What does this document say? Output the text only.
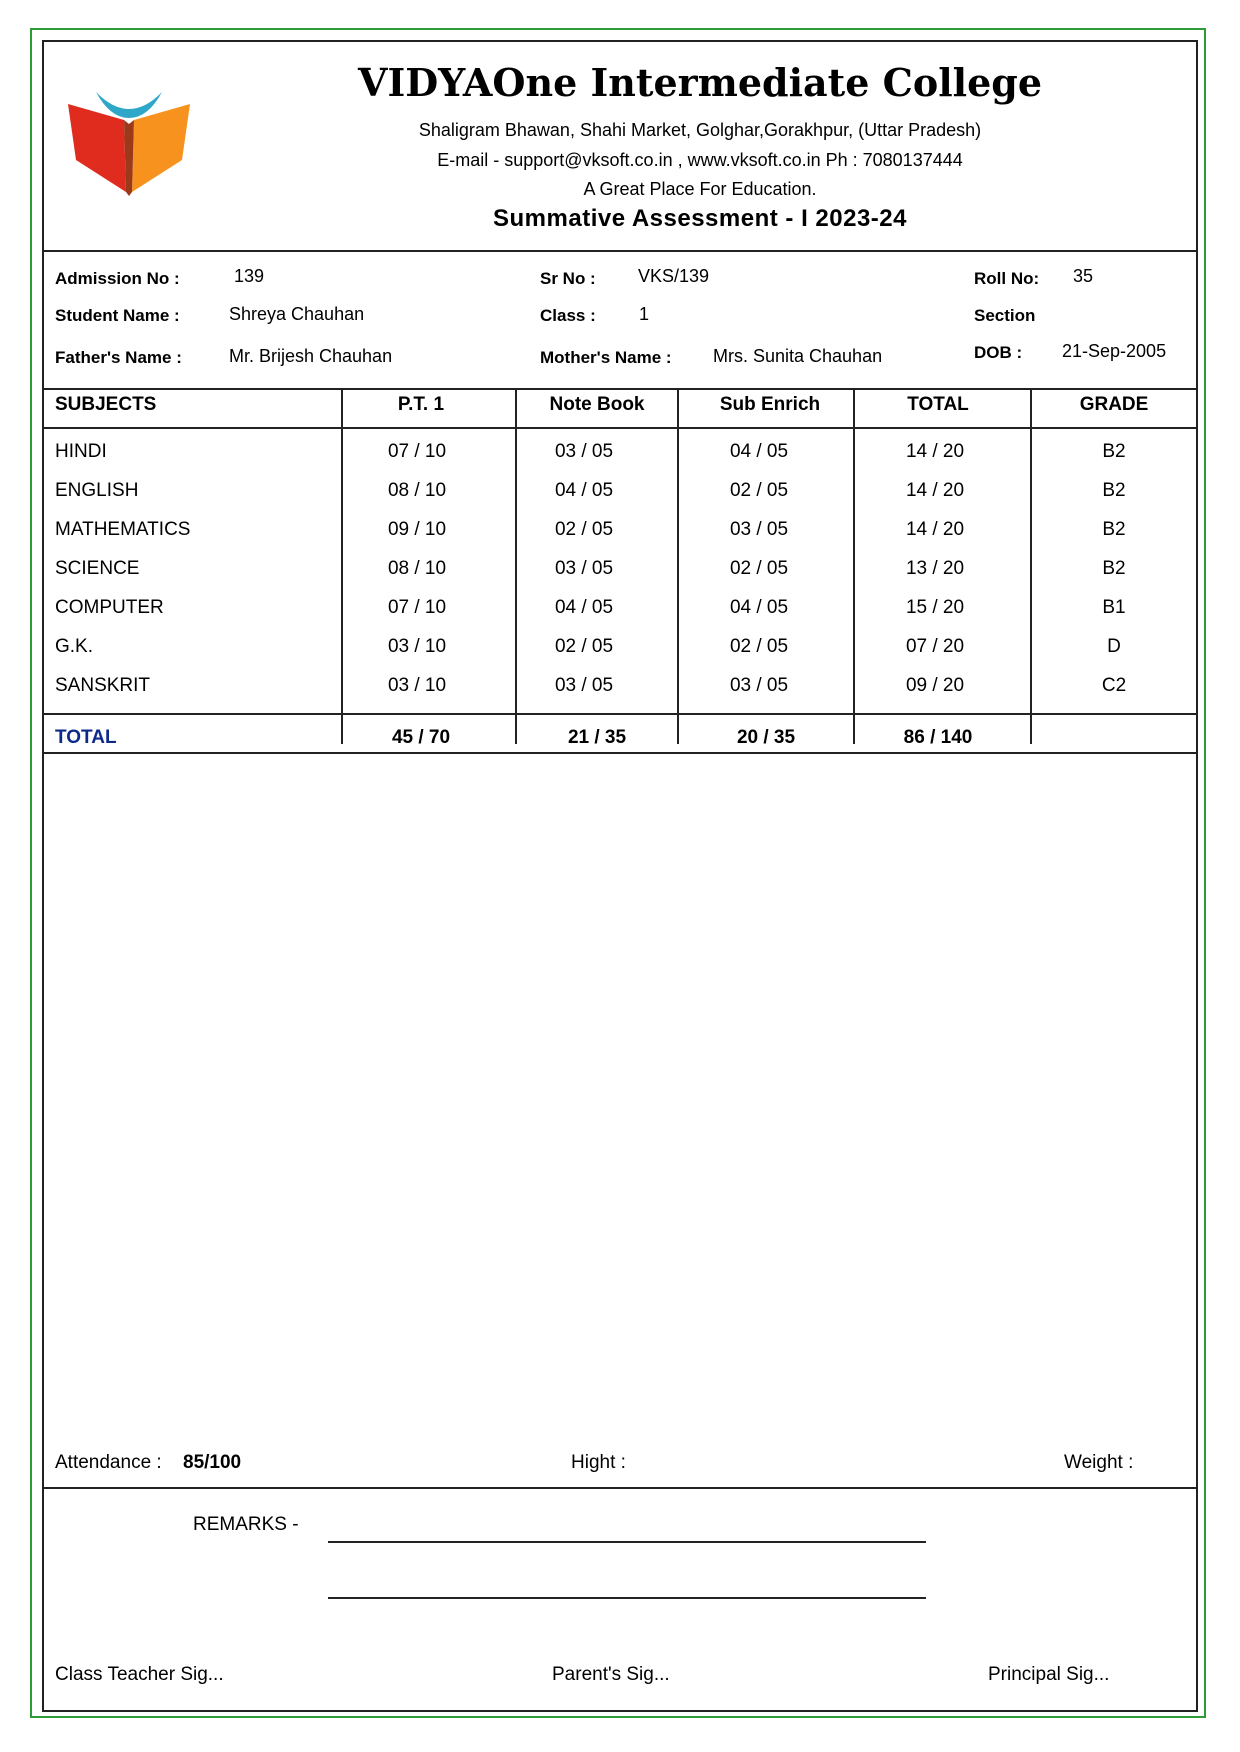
VIDYAOne Intermediate College
Shaligram Bhawan, Shahi Market, Golghar,Gorakhpur, (Uttar Pradesh)
E-mail - support@vksoft.co.in , www.vksoft.co.in Ph : 7080137444
A Great Place For Education.
Summative Assessment - I 2023-24
Admission No :	139	Sr No : VKS/139	Roll No: 35
Student Name :	Shreya Chauhan	Class : 1	Section
Father's Name :	Mr. Brijesh Chauhan	Mother's Name : Mrs. Sunita Chauhan	DOB : 21-Sep-2005
SUBJECTS	P.T. 1	Note Book	Sub Enrich	TOTAL	GRADE
HINDI	07 / 10	03 / 05	04 / 05	14 / 20	B2
ENGLISH	08 / 10	04 / 05	02 / 05	14 / 20	B2
MATHEMATICS	09 / 10	02 / 05	03 / 05	14 / 20	B2
SCIENCE	08 / 10	03 / 05	02 / 05	13 / 20	B2
COMPUTER	07 / 10	04 / 05	04 / 05	15 / 20	B1
G.K.	03 / 10	02 / 05	02 / 05	07 / 20	D
SANSKRIT	03 / 10	03 / 05	03 / 05	09 / 20	C2
TOTAL	45 / 70	21 / 35	20 / 35	86 / 140
Attendance : 85/100	Hight :	Weight :
REMARKS -
Class Teacher Sig...	Parent's Sig...	Principal Sig...
